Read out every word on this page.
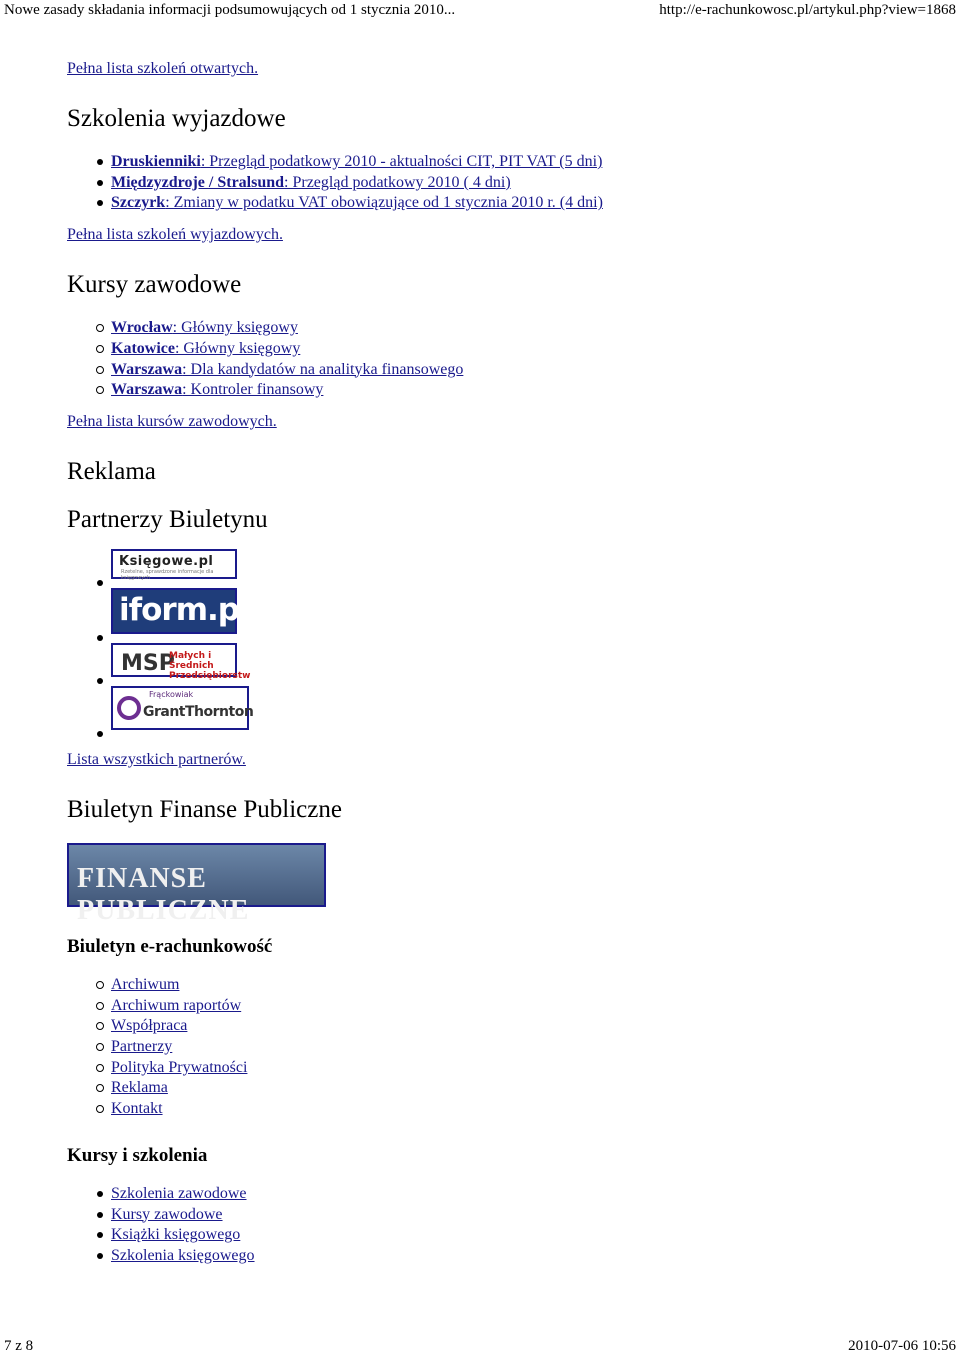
Nowe zasady składania informacji podsumowujących od 1 stycznia 2010...	http://e-rachunkowosc.pl/artykul.php?view=1868

Pełna lista szkoleń otwartych.

Szkolenia wyjazdowe
Druskienniki: Przegląd podatkowy 2010 - aktualności CIT, PIT VAT (5 dni)
Międzyzdroje / Stralsund: Przegląd podatkowy 2010 ( 4 dni)
Szczyrk: Zmiany w podatku VAT obowiązujące od 1 stycznia 2010 r. (4 dni)

Pełna lista szkoleń wyjazdowych.

Kursy zawodowe
Wrocław: Główny księgowy
Katowice: Główny księgowy
Warszawa: Dla kandydatów na analityka finansowego
Warszawa: Kontroler finansowy

Pełna lista kursów zawodowych.

Reklama
Partnerzy Biuletynu
Księgowe.pl
Rzetelne, sprawdzone informacje dla księgowych
iform.pl
MSP
Małych i Średnich Przedsiębiorstw
Frąckowiak
GrantThornton

Lista wszystkich partnerów.

Biuletyn Finanse Publiczne
FINANSE PUBLICZNE
Biuletyn e-rachunkowość
Archiwum
Archiwum raportów
Współpraca
Partnerzy
Polityka Prywatności
Reklama
Kontakt
Kursy i szkolenia
Szkolenia zawodowe
Kursy zawodowe
Książki księgowego
Szkolenia księgowego
7 z 8	2010-07-06 10:56
